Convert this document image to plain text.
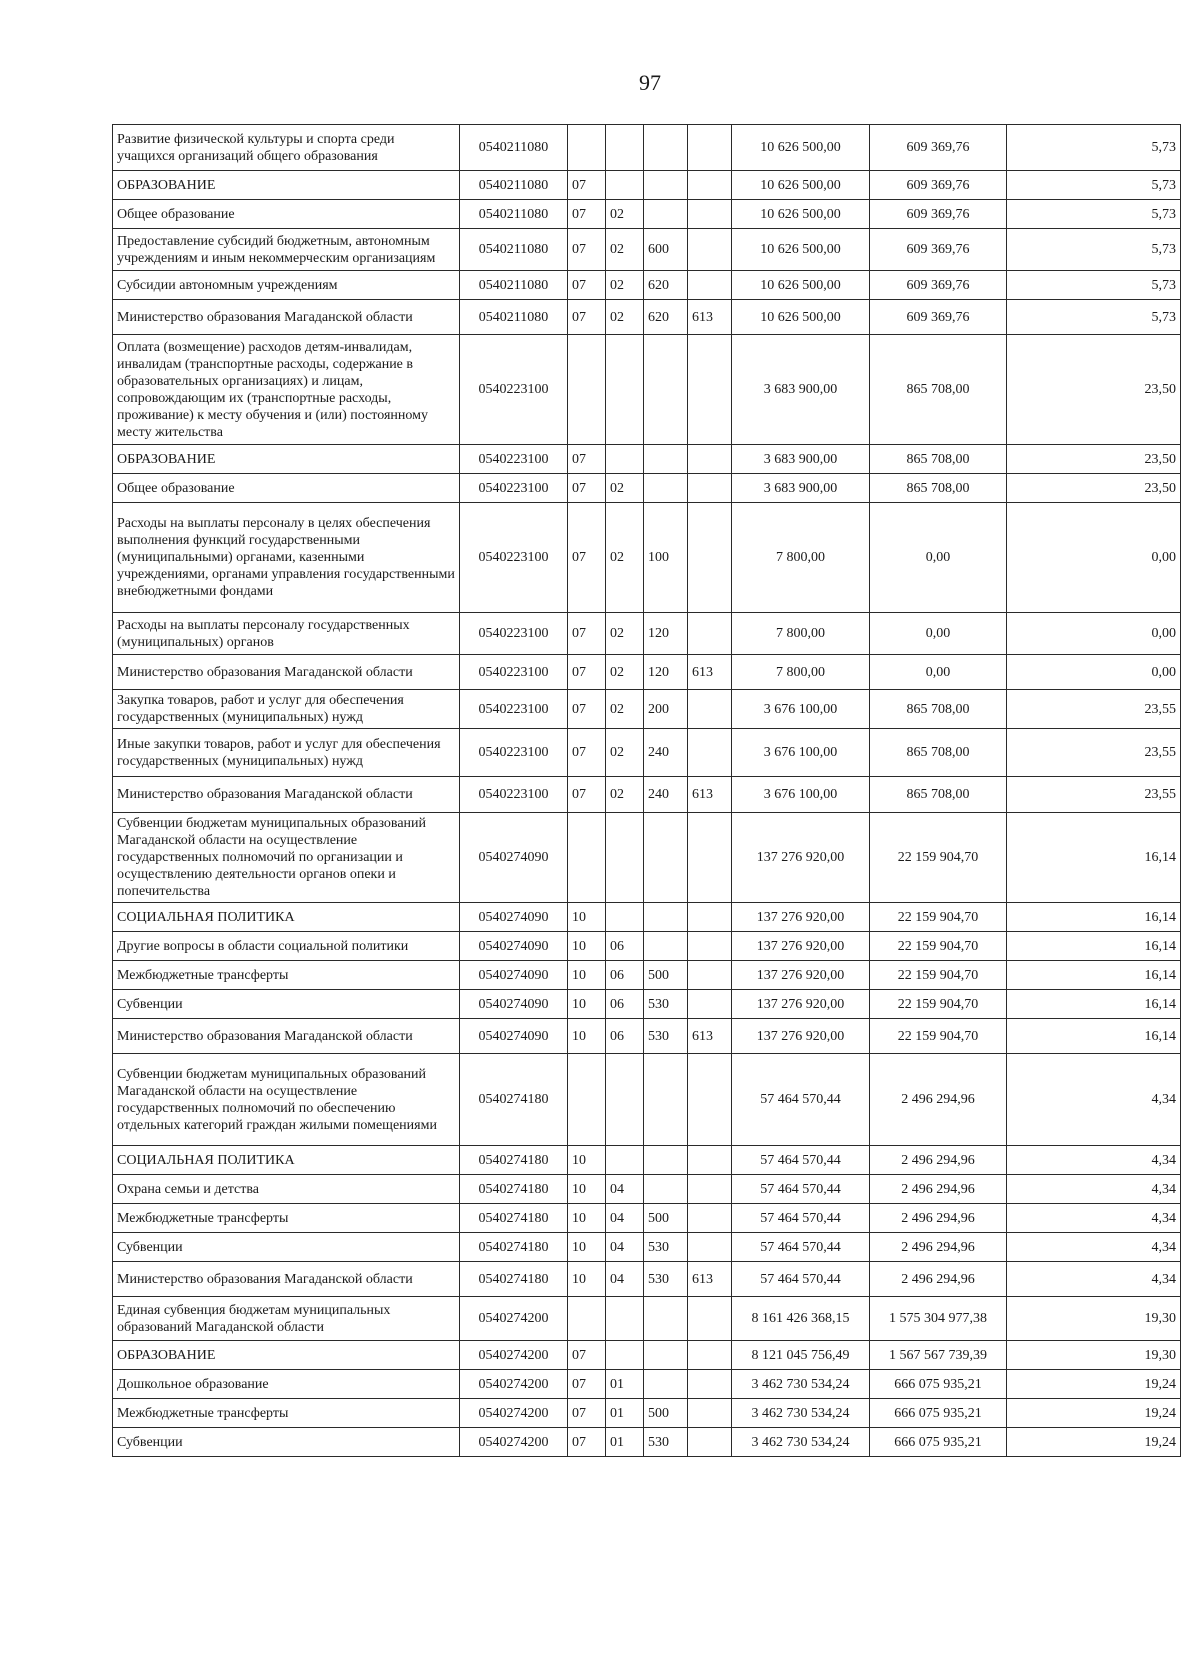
97
Развитие физической культуры и спорта среди учащихся организаций общего образования	0540211080					10 626 500,00	609 369,76	5,73
ОБРАЗОВАНИЕ	0540211080	07				10 626 500,00	609 369,76	5,73
Общее образование	0540211080	07	02			10 626 500,00	609 369,76	5,73
Предоставление субсидий бюджетным, автономным учреждениям и иным некоммерческим организациям	0540211080	07	02	600		10 626 500,00	609 369,76	5,73
Субсидии автономным учреждениям	0540211080	07	02	620		10 626 500,00	609 369,76	5,73
Министерство образования Магаданской области	0540211080	07	02	620	613	10 626 500,00	609 369,76	5,73
Оплата (возмещение) расходов детям-инвалидам, инвалидам (транспортные расходы, содержание в образовательных организациях) и лицам, сопровождающим их (транспортные расходы, проживание) к месту обучения и (или) постоянному месту жительства	0540223100					3 683 900,00	865 708,00	23,50
ОБРАЗОВАНИЕ	0540223100	07				3 683 900,00	865 708,00	23,50
Общее образование	0540223100	07	02			3 683 900,00	865 708,00	23,50
Расходы на выплаты персоналу в целях обеспечения выполнения функций государственными (муниципальными) органами, казенными учреждениями, органами управления государственными внебюджетными фондами	0540223100	07	02	100		7 800,00	0,00	0,00
Расходы на выплаты персоналу государственных (муниципальных) органов	0540223100	07	02	120		7 800,00	0,00	0,00
Министерство образования Магаданской области	0540223100	07	02	120	613	7 800,00	0,00	0,00
Закупка товаров, работ и услуг для обеспечения государственных (муниципальных) нужд	0540223100	07	02	200		3 676 100,00	865 708,00	23,55
Иные закупки товаров, работ и услуг для обеспечения государственных (муниципальных) нужд	0540223100	07	02	240		3 676 100,00	865 708,00	23,55
Министерство образования Магаданской области	0540223100	07	02	240	613	3 676 100,00	865 708,00	23,55
Субвенции бюджетам муниципальных образований Магаданской области на осуществление государственных полномочий по организации и осуществлению деятельности органов опеки и попечительства	0540274090					137 276 920,00	22 159 904,70	16,14
СОЦИАЛЬНАЯ ПОЛИТИКА	0540274090	10				137 276 920,00	22 159 904,70	16,14
Другие вопросы в области социальной политики	0540274090	10	06			137 276 920,00	22 159 904,70	16,14
Межбюджетные трансферты	0540274090	10	06	500		137 276 920,00	22 159 904,70	16,14
Субвенции	0540274090	10	06	530		137 276 920,00	22 159 904,70	16,14
Министерство образования Магаданской области	0540274090	10	06	530	613	137 276 920,00	22 159 904,70	16,14
Субвенции бюджетам муниципальных образований Магаданской области на осуществление государственных полномочий по обеспечению отдельных категорий граждан жилыми помещениями	0540274180					57 464 570,44	2 496 294,96	4,34
СОЦИАЛЬНАЯ ПОЛИТИКА	0540274180	10				57 464 570,44	2 496 294,96	4,34
Охрана семьи и детства	0540274180	10	04			57 464 570,44	2 496 294,96	4,34
Межбюджетные трансферты	0540274180	10	04	500		57 464 570,44	2 496 294,96	4,34
Субвенции	0540274180	10	04	530		57 464 570,44	2 496 294,96	4,34
Министерство образования Магаданской области	0540274180	10	04	530	613	57 464 570,44	2 496 294,96	4,34
Единая субвенция бюджетам муниципальных образований Магаданской области	0540274200					8 161 426 368,15	1 575 304 977,38	19,30
ОБРАЗОВАНИЕ	0540274200	07				8 121 045 756,49	1 567 567 739,39	19,30
Дошкольное образование	0540274200	07	01			3 462 730 534,24	666 075 935,21	19,24
Межбюджетные трансферты	0540274200	07	01	500		3 462 730 534,24	666 075 935,21	19,24
Субвенции	0540274200	07	01	530		3 462 730 534,24	666 075 935,21	19,24
